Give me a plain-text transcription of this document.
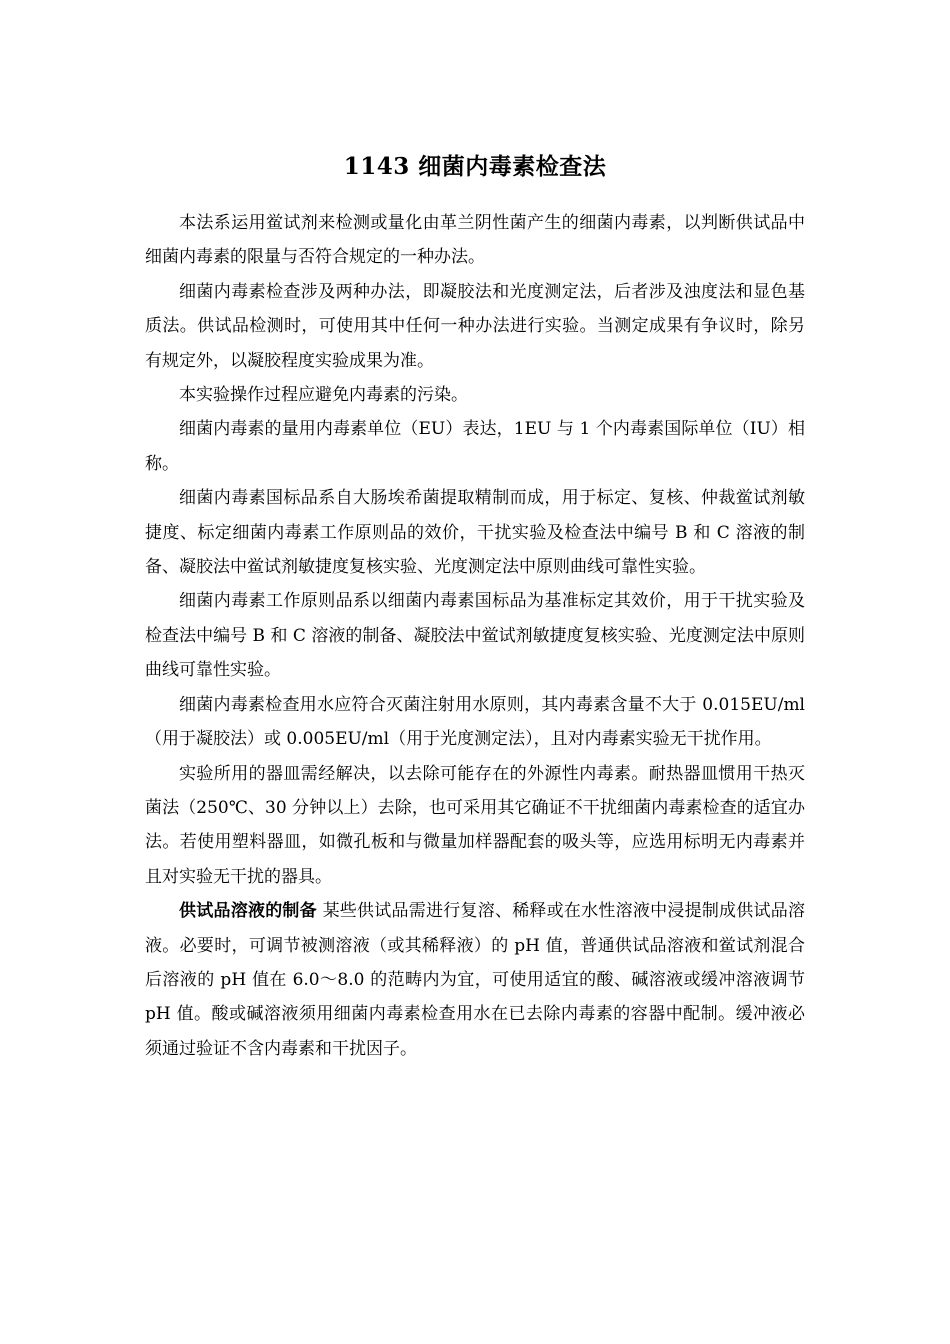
1143 细菌内毒素检查法

本法系运用鲎试剂来检测或量化由革兰阴性菌产生的细菌内毒素，以判断供试品中细菌内毒素的限量与否符合规定的一种办法。

细菌内毒素检查涉及两种办法，即凝胶法和光度测定法，后者涉及浊度法和显色基质法。供试品检测时，可使用其中任何一种办法进行实验。当测定成果有争议时，除另有规定外，以凝胶程度实验成果为准。

本实验操作过程应避免内毒素的污染。

细菌内毒素的量用内毒素单位（EU）表达，1EU 与 1 个内毒素国际单位（IU）相称。

细菌内毒素国标品系自大肠埃希菌提取精制而成，用于标定、复核、仲裁鲎试剂敏捷度、标定细菌内毒素工作原则品的效价，干扰实验及检查法中编号 B 和 C 溶液的制备、凝胶法中鲎试剂敏捷度复核实验、光度测定法中原则曲线可靠性实验。

细菌内毒素工作原则品系以细菌内毒素国标品为基准标定其效价，用于干扰实验及检查法中编号 B 和 C 溶液的制备、凝胶法中鲎试剂敏捷度复核实验、光度测定法中原则曲线可靠性实验。

细菌内毒素检查用水应符合灭菌注射用水原则，其内毒素含量不大于 0.015EU/ml（用于凝胶法）或 0.005EU/ml（用于光度测定法），且对内毒素实验无干扰作用。

实验所用的器皿需经解决，以去除可能存在的外源性内毒素。耐热器皿惯用干热灭菌法（250℃、30 分钟以上）去除，也可采用其它确证不干扰细菌内毒素检查的适宜办法。若使用塑料器皿，如微孔板和与微量加样器配套的吸头等，应选用标明无内毒素并且对实验无干扰的器具。

供试品溶液的制备 某些供试品需进行复溶、稀释或在水性溶液中浸提制成供试品溶液。必要时，可调节被测溶液（或其稀释液）的 pH 值，普通供试品溶液和鲎试剂混合后溶液的 pH 值在 6.0～8.0 的范畴内为宜，可使用适宜的酸、碱溶液或缓冲溶液调节 pH 值。酸或碱溶液须用细菌内毒素检查用水在已去除内毒素的容器中配制。缓冲液必须通过验证不含内毒素和干扰因子。
